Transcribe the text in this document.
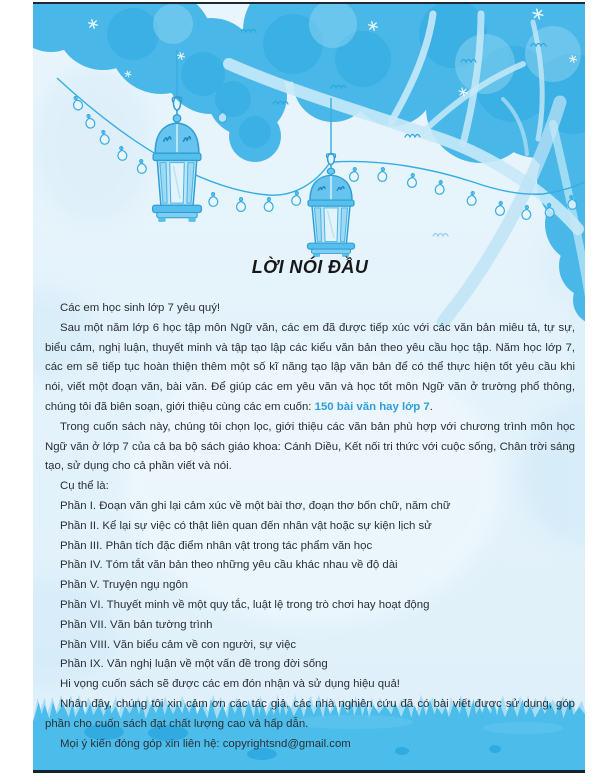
LỜI NÓI ĐẦU

Các em học sinh lớp 7 yêu quý!

Sau một năm lớp 6 học tập môn Ngữ văn, các em đã được tiếp xúc với các văn bản miêu tả, tự sự, biểu cảm, nghị luận, thuyết minh và tập tạo lập các kiểu văn bản theo yêu cầu học tập. Năm học lớp 7, các em sẽ tiếp tục hoàn thiện thêm một số kĩ năng tạo lập văn bản để có thể thực hiện tốt yêu cầu khi nói, viết một đoạn văn, bài văn. Để giúp các em yêu văn và học tốt môn Ngữ văn ở trường phổ thông, chúng tôi đã biên soạn, giới thiệu cùng các em cuốn: 150 bài văn hay lớp 7.

Trong cuốn sách này, chúng tôi chọn lọc, giới thiệu các văn bản phù hợp với chương trình môn học Ngữ văn ở lớp 7 của cả ba bộ sách giáo khoa: Cánh Diều, Kết nối tri thức với cuộc sống, Chân trời sáng tạo, sử dụng cho cả phần viết và nói.

Cụ thể là:

Phần I. Đoạn văn ghi lại cảm xúc về một bài thơ, đoạn thơ bốn chữ, năm chữ

Phần II. Kể lại sự việc có thật liên quan đến nhân vật hoặc sự kiện lịch sử

Phần III. Phân tích đặc điểm nhân vật trong tác phẩm văn học

Phần IV. Tóm tắt văn bản theo những yêu cầu khác nhau về độ dài

Phần V. Truyện ngụ ngôn

Phần VI. Thuyết minh về một quy tắc, luật lệ trong trò chơi hay hoạt động

Phần VII. Văn bản tường trình

Phần VIII. Văn biểu cảm về con người, sự việc

Phần IX. Văn nghị luận về một vấn đề trong đời sống

Hi vọng cuốn sách sẽ được các em đón nhận và sử dụng hiệu quả!

Nhân đây, chúng tôi xin cảm ơn các tác giả, các nhà nghiên cứu đã có bài viết được sử dụng, góp phần cho cuốn sách đạt chất lượng cao và hấp dẫn.

Mọi ý kiến đóng góp xin liên hệ: copyrightsnd@gmail.com
